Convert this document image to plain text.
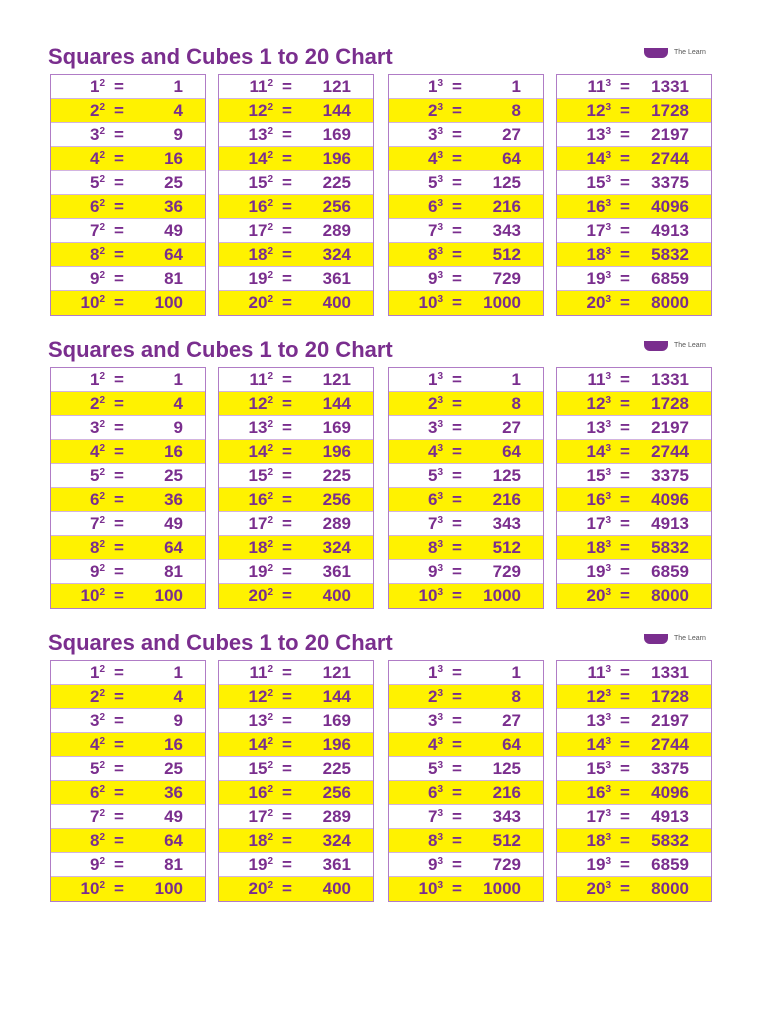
Squares and Cubes 1 to 20 Chart	The Learn
$1^2$ =	1
$2^2$ =	4
$3^2$ =	9
$4^2$ =	16
$5^2$ =	25
$6^2$ =	36
$7^2$ =	49
$8^2$ =	64
$9^2$ =	81
$10^2$ =	100
$11^2$ =	121
$12^2$ =	144
$13^2$ =	169
$14^2$ =	196
$15^2$ =	225
$16^2$ =	256
$17^2$ =	289
$18^2$ =	324
$19^2$ =	361
$20^2$ =	400
$1^3$ =	1
$2^3$ =	8
$3^3$ =	27
$4^3$ =	64
$5^3$ =	125
$6^3$ =	216
$7^3$ =	343
$8^3$ =	512
$9^3$ =	729
$10^3$ =	1000
$11^3$ =	1331
$12^3$ =	1728
$13^3$ =	2197
$14^3$ =	2744
$15^3$ =	3375
$16^3$ =	4096
$17^3$ =	4913
$18^3$ =	5832
$19^3$ =	6859
$20^3$ =	8000
Squares and Cubes 1 to 20 Chart	The Learn
$1^2$ =	1
$2^2$ =	4
$3^2$ =	9
$4^2$ =	16
$5^2$ =	25
$6^2$ =	36
$7^2$ =	49
$8^2$ =	64
$9^2$ =	81
$10^2$ =	100
$11^2$ =	121
$12^2$ =	144
$13^2$ =	169
$14^2$ =	196
$15^2$ =	225
$16^2$ =	256
$17^2$ =	289
$18^2$ =	324
$19^2$ =	361
$20^2$ =	400
$1^3$ =	1
$2^3$ =	8
$3^3$ =	27
$4^3$ =	64
$5^3$ =	125
$6^3$ =	216
$7^3$ =	343
$8^3$ =	512
$9^3$ =	729
$10^3$ =	1000
$11^3$ =	1331
$12^3$ =	1728
$13^3$ =	2197
$14^3$ =	2744
$15^3$ =	3375
$16^3$ =	4096
$17^3$ =	4913
$18^3$ =	5832
$19^3$ =	6859
$20^3$ =	8000
Squares and Cubes 1 to 20 Chart	The Learn
$1^2$ =	1
$2^2$ =	4
$3^2$ =	9
$4^2$ =	16
$5^2$ =	25
$6^2$ =	36
$7^2$ =	49
$8^2$ =	64
$9^2$ =	81
$10^2$ =	100
$11^2$ =	121
$12^2$ =	144
$13^2$ =	169
$14^2$ =	196
$15^2$ =	225
$16^2$ =	256
$17^2$ =	289
$18^2$ =	324
$19^2$ =	361
$20^2$ =	400
$1^3$ =	1
$2^3$ =	8
$3^3$ =	27
$4^3$ =	64
$5^3$ =	125
$6^3$ =	216
$7^3$ =	343
$8^3$ =	512
$9^3$ =	729
$10^3$ =	1000
$11^3$ =	1331
$12^3$ =	1728
$13^3$ =	2197
$14^3$ =	2744
$15^3$ =	3375
$16^3$ =	4096
$17^3$ =	4913
$18^3$ =	5832
$19^3$ =	6859
$20^3$ =	8000
